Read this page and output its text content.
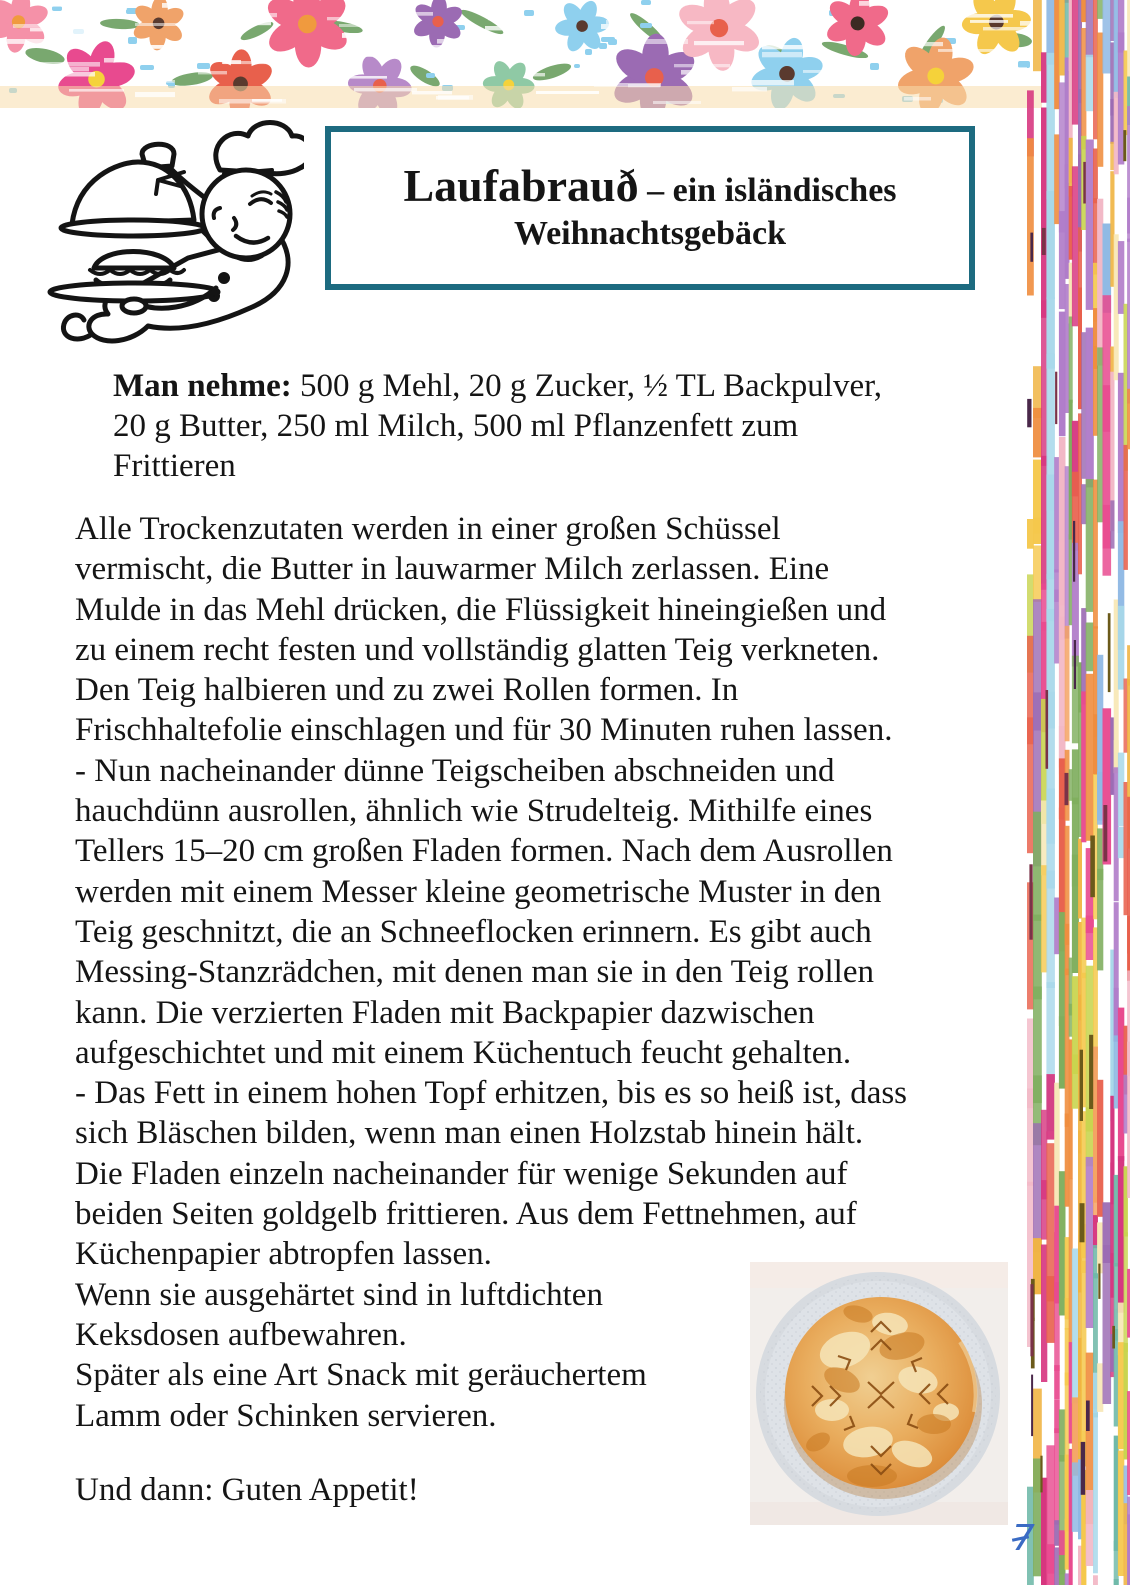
Laufabrauð – ein isländisches
Weihnachtsgebäck

Man nehme: 500 g Mehl, 20 g Zucker, ½ TL Backpulver,
20 g Butter, 250 ml Milch, 500 ml Pflanzenfett zum
Frittieren

Alle Trockenzutaten werden in einer großen Schüssel
vermischt, die Butter in lauwarmer Milch zerlassen. Eine
Mulde in das Mehl drücken, die Flüssigkeit hineingießen und
zu einem recht festen und vollständig glatten Teig verkneten.
Den Teig halbieren und zu zwei Rollen formen. In
Frischhaltefolie einschlagen und für 30 Minuten ruhen lassen.
- Nun nacheinander dünne Teigscheiben abschneiden und
hauchdünn ausrollen, ähnlich wie Strudelteig. Mithilfe eines
Tellers 15–20 cm großen Fladen formen. Nach dem Ausrollen
werden mit einem Messer kleine geometrische Muster in den
Teig geschnitzt, die an Schneeflocken erinnern. Es gibt auch
Messing-Stanzrädchen, mit denen man sie in den Teig rollen
kann. Die verzierten Fladen mit Backpapier dazwischen
aufgeschichtet und mit einem Küchentuch feucht gehalten.
- Das Fett in einem hohen Topf erhitzen, bis es so heiß ist, dass
sich Bläschen bilden, wenn man einen Holzstab hinein hält.
Die Fladen einzeln nacheinander für wenige Sekunden auf
beiden Seiten goldgelb frittieren. Aus dem Fettnehmen, auf
Küchenpapier abtropfen lassen.
Wenn sie ausgehärtet sind in luftdichten
Keksdosen aufbewahren.
Später als eine Art Snack mit geräuchertem
Lamm oder Schinken servieren.
Und dann: Guten Appetit!
7
